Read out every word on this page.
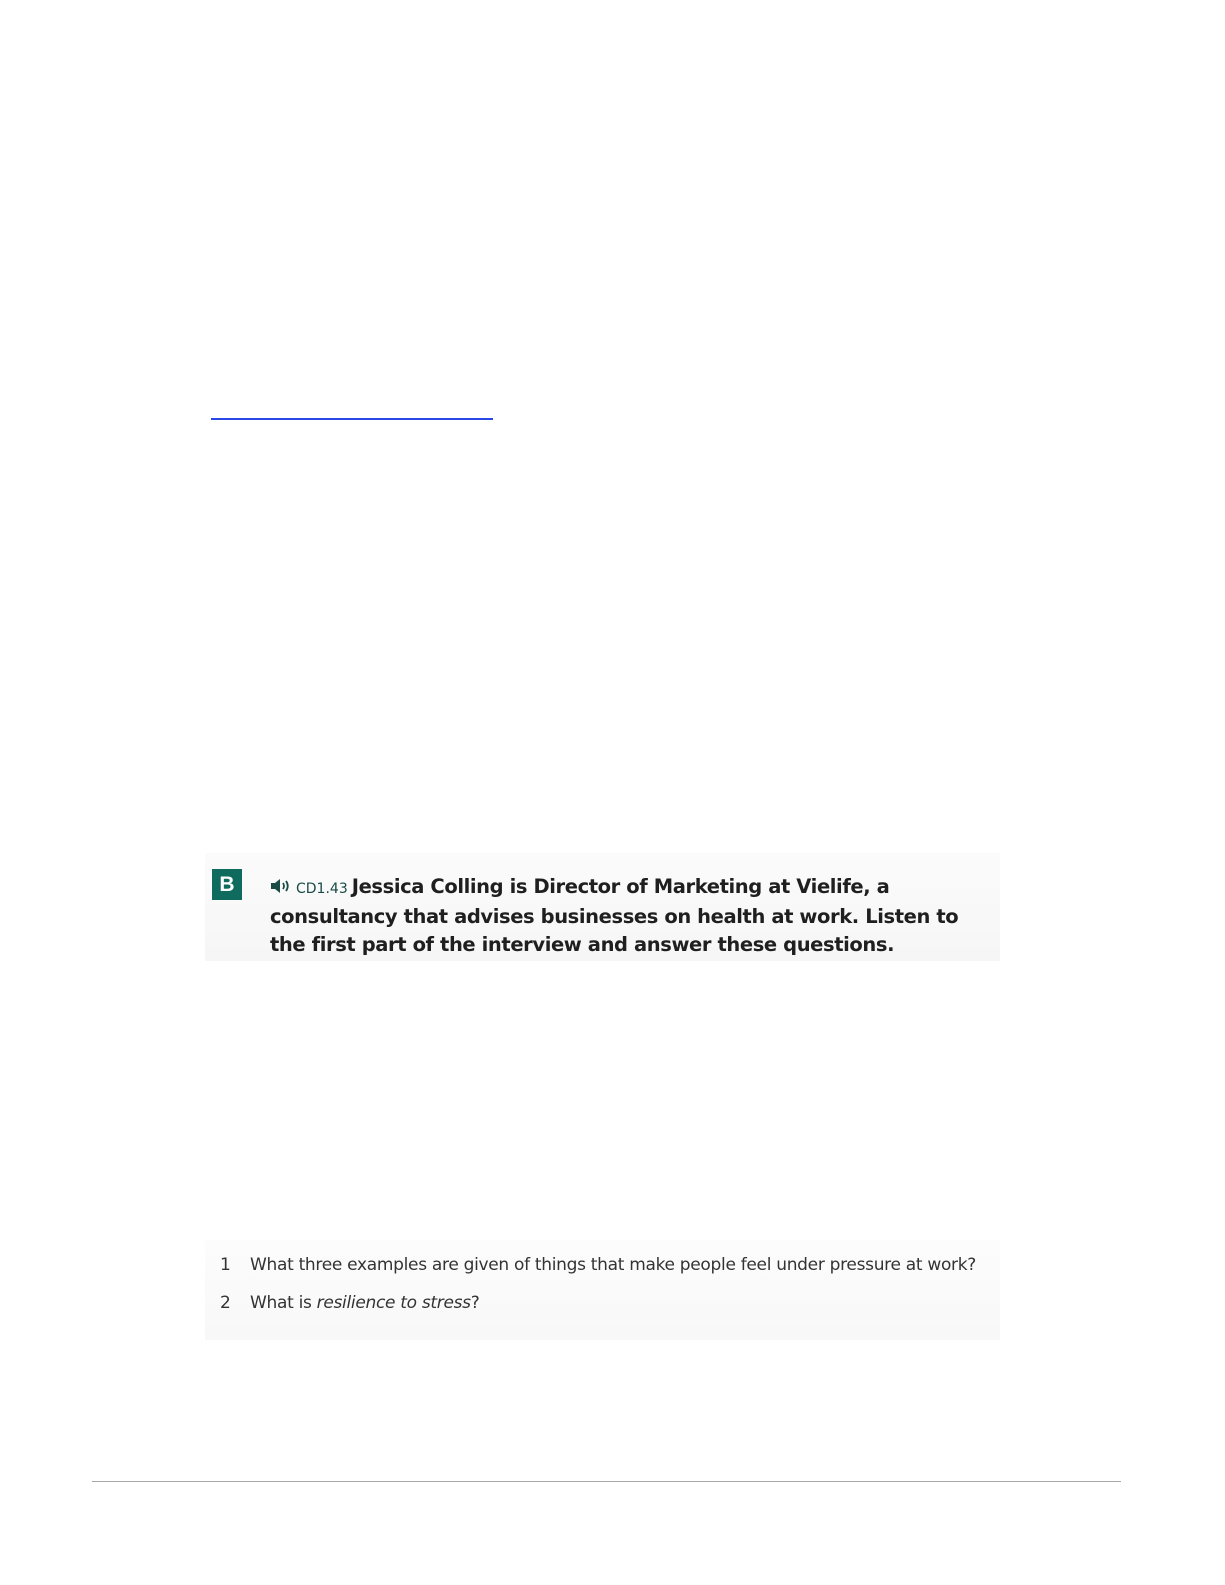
B	CD1.43 Jessica Colling is Director of Marketing at Vielife, a consultancy that advises businesses on health at work. Listen to the first part of the interview and answer these questions.
1 What three examples are given of things that make people feel under pressure at work?
2 What is resilience to stress?
